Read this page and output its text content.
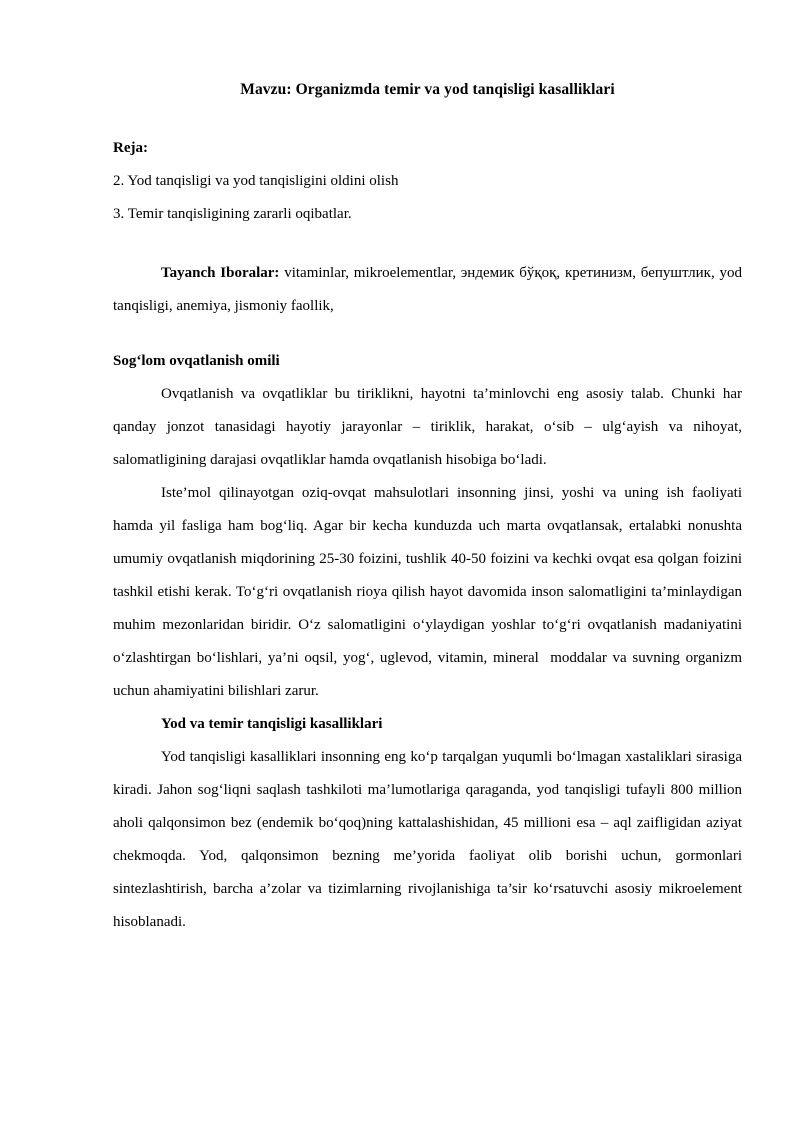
Mavzu: Organizmda temir va yod tanqisligi kasalliklari

Reja:

2. Yod tanqisligi va yod tanqisligini oldini olish

3. Temir tanqisligining zararli oqibatlar.

Tayanch Iboralar: vitaminlar, mikroelementlar, эндемик бўқоқ, кретинизм, бепуштлик, yod tanqisligi, anemiya, jismoniy faollik,

Sog‘lom ovqatlanish omili

Ovqatlanish va ovqatliklar bu tiriklikni, hayotni ta’minlovchi eng asosiy talab. Chunki har qanday jonzot tanasidagi hayotiy jarayonlar – tiriklik, harakat, o‘sib – ulg‘ayish va nihoyat, salomatligining darajasi ovqatliklar hamda ovqatlanish hisobiga bo‘ladi.

Iste’mol qilinayotgan oziq-ovqat mahsulotlari insonning jinsi, yoshi va uning ish faoliyati hamda yil fasliga ham bog‘liq. Agar bir kecha kunduzda uch marta ovqatlansak, ertalabki nonushta umumiy ovqatlanish miqdorining 25-30 foizini, tushlik 40-50 foizini va kechki ovqat esa qolgan foizini tashkil etishi kerak. To‘g‘ri ovqatlanish rioya qilish hayot davomida inson salomatligini ta’minlaydigan muhim mezonlaridan biridir. O‘z salomatligini o‘ylaydigan yoshlar to‘g‘ri ovqatlanish madaniyatini o‘zlashtirgan bo‘lishlari, ya’ni oqsil, yog‘, uglevod, vitamin, mineral  moddalar va suvning organizm uchun ahamiyatini bilishlari zarur.

Yod va temir tanqisligi kasalliklari

Yod tanqisligi kasalliklari insonning eng ko‘p tarqalgan yuqumli bo‘lmagan xastaliklari sirasiga kiradi. Jahon sog‘liqni saqlash tashkiloti ma’lumotlariga qaraganda, yod tanqisligi tufayli 800 million aholi qalqonsimon bez (endemik bo‘qoq)ning kattalashishidan, 45 millioni esa – aql zaifligidan aziyat chekmoqda. Yod, qalqonsimon bezning me’yorida faoliyat olib borishi uchun, gormonlari sintezlashtirish, barcha a’zolar va tizimlarning rivojlanishiga ta’sir ko‘rsatuvchi asosiy mikroelement hisoblanadi.
